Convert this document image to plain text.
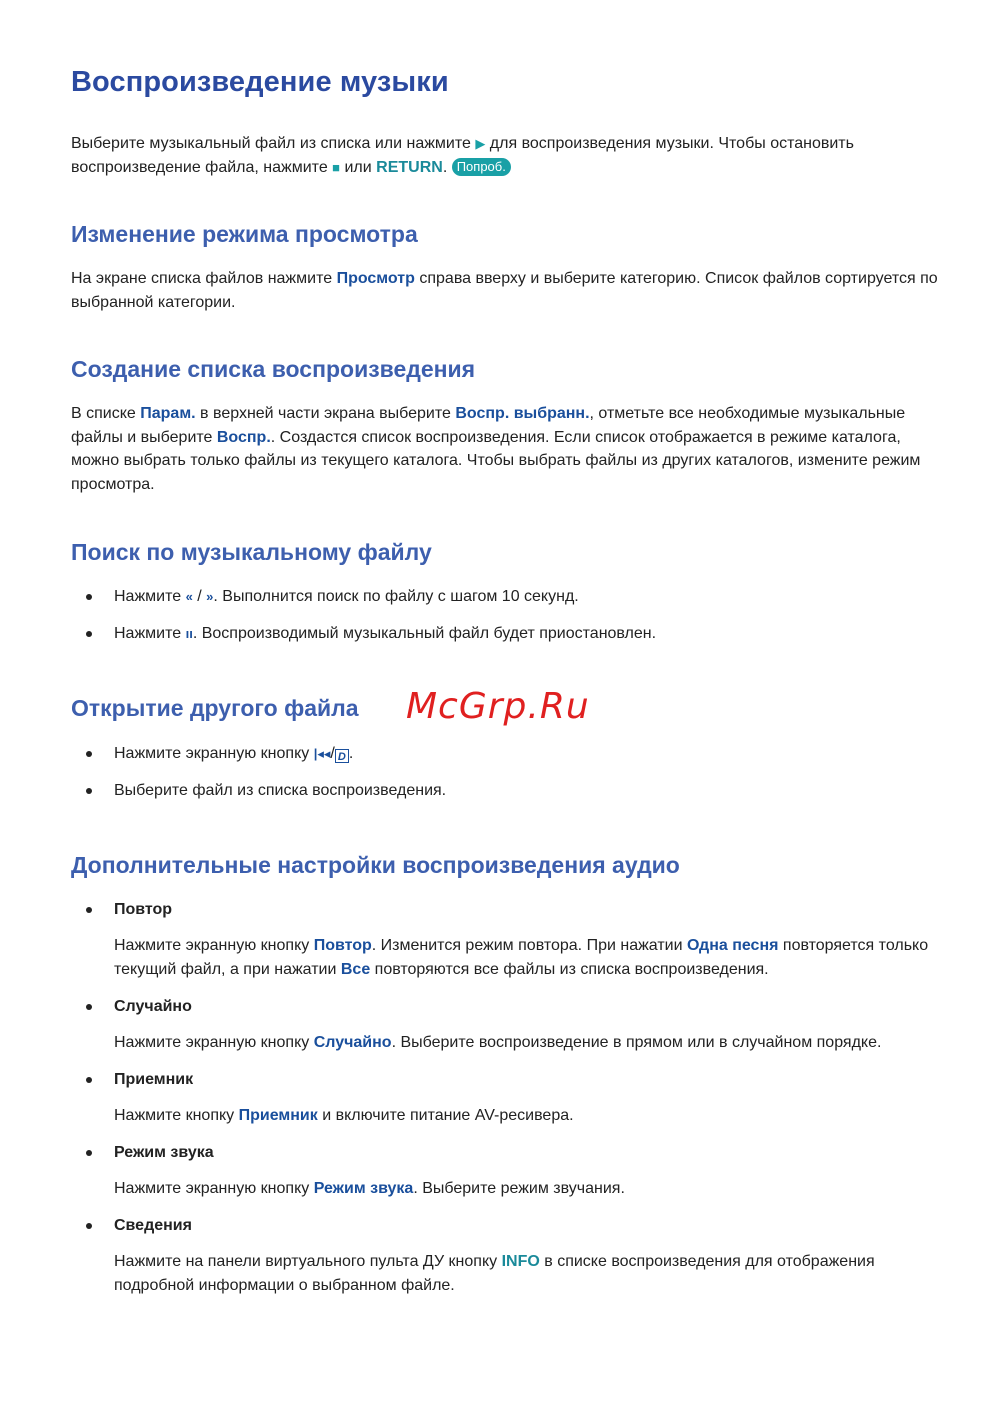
Воспроизведение музыки

Выберите музыкальный файл из списка или нажмите ▶ для воспроизведения музыки. Чтобы остановить воспроизведение файла, нажмите ■ или RETURN. Попроб.

Изменение режима просмотра

На экране списка файлов нажмите Просмотр справа вверху и выберите категорию. Список файлов сортируется по выбранной категории.

Создание списка воспроизведения

В списке Парам. в верхней части экрана выберите Воспр. выбранн., отметьте все необходимые музыкальные файлы и выберите Воспр.. Создастся список воспроизведения. Если список отображается в режиме каталога, можно выбрать только файлы из текущего каталога. Чтобы выбрать файлы из других каталогов, измените режим просмотра.

Поиск по музыкальному файлу
Нажмите « / ». Выполнится поиск по файлу с шагом 10 секунд.
Нажмите ıı. Воспроизводимый музыкальный файл будет приостановлен.
Открытие другого файла McGrp.Ru
Нажмите экранную кнопку |◂◂/ D .
Выберите файл из списка воспроизведения.
Дополнительные настройки воспроизведения аудио
Повтор

Нажмите экранную кнопку Повтор. Изменится режим повтора. При нажатии Одна песня повторяется только текущий файл, а при нажатии Все повторяются все файлы из списка воспроизведения.

Случайно

Нажмите экранную кнопку Случайно. Выберите воспроизведение в прямом или в случайном порядке.

Приемник

Нажмите кнопку Приемник и включите питание AV-ресивера.

Режим звука

Нажмите экранную кнопку Режим звука. Выберите режим звучания.

Сведения

Нажмите на панели виртуального пульта ДУ кнопку INFO в списке воспроизведения для отображения подробной информации о выбранном файле.
